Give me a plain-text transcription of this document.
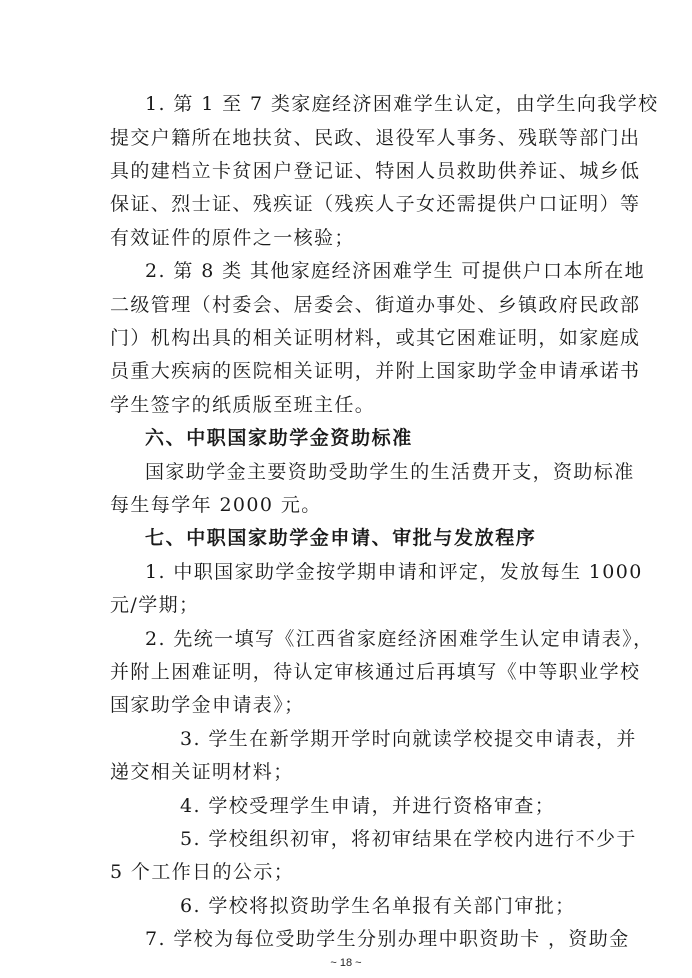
1. 第 1 至 7 类家庭经济困难学生认定，由学生向我学校
提交户籍所在地扶贫、民政、退役军人事务、残联等部门出
具的建档立卡贫困户登记证、特困人员救助供养证、城乡低
保证、烈士证、残疾证（残疾人子女还需提供户口证明）等
有效证件的原件之一核验；
2. 第 8 类 其他家庭经济困难学生 可提供户口本所在地
二级管理（村委会、居委会、街道办事处、乡镇政府民政部
门）机构出具的相关证明材料，或其它困难证明，如家庭成
员重大疾病的医院相关证明，并附上国家助学金申请承诺书
学生签字的纸质版至班主任。
六、中职国家助学金资助标准
国家助学金主要资助受助学生的生活费开支，资助标准
每生每学年 2000 元。
七、中职国家助学金申请、审批与发放程序
1. 中职国家助学金按学期申请和评定，发放每生 1000
元/学期；
2. 先统一填写《江西省家庭经济困难学生认定申请表》，
并附上困难证明，待认定审核通过后再填写《中等职业学校
国家助学金申请表》；
3. 学生在新学期开学时向就读学校提交申请表，并
递交相关证明材料；
4. 学校受理学生申请，并进行资格审查；
5. 学校组织初审，将初审结果在学校内进行不少于
5 个工作日的公示；
6. 学校将拟资助学生名单报有关部门审批；
7. 学校为每位受助学生分别办理中职资助卡 ，资助金
~ 18 ~
